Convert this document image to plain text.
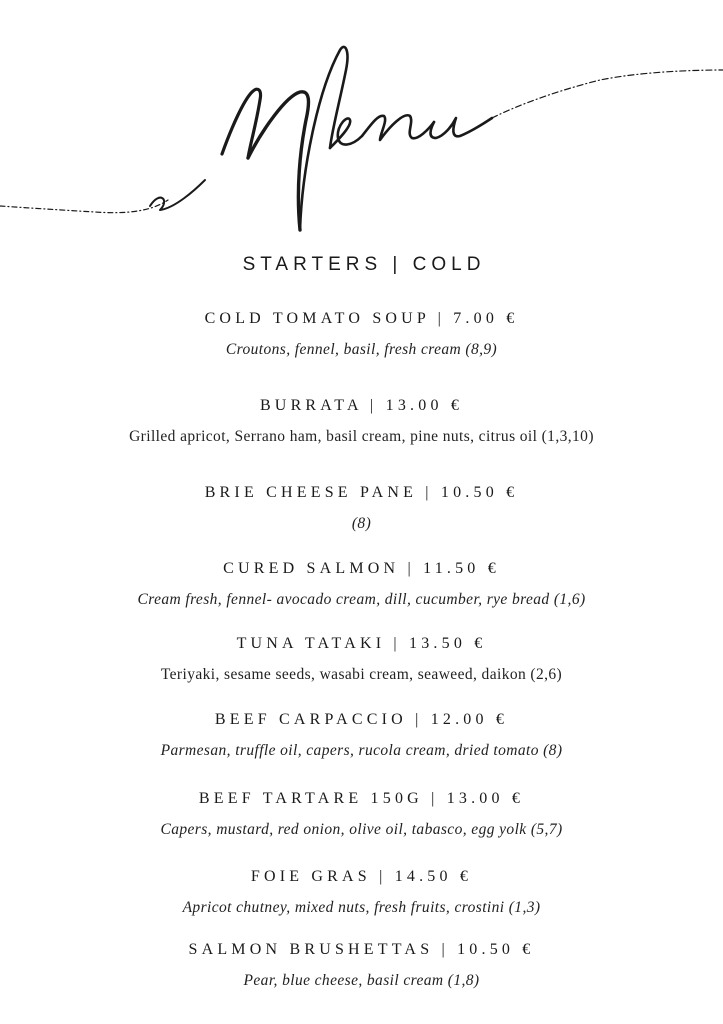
STARTERS | COLD
COLD TOMATO SOUP | 7.00 €
Croutons, fennel, basil, fresh cream (8,9)
BURRATA | 13.00 €
Grilled apricot, Serrano ham, basil cream, pine nuts, citrus oil (1,3,10)
BRIE CHEESE PANE | 10.50 €
(8)
CURED SALMON | 11.50 €
Cream fresh, fennel- avocado cream, dill, cucumber, rye bread (1,6)
TUNA TATAKI | 13.50 €
Teriyaki, sesame seeds, wasabi cream, seaweed, daikon (2,6)
BEEF CARPACCIO | 12.00 €
Parmesan, truffle oil, capers, rucola cream, dried tomato (8)
BEEF TARTARE 150G | 13.00 €
Capers, mustard, red onion, olive oil, tabasco, egg yolk (5,7)
FOIE GRAS | 14.50 €
Apricot chutney, mixed nuts, fresh fruits, crostini (1,3)
SALMON BRUSHETTAS | 10.50 €
Pear, blue cheese, basil cream (1,8)
